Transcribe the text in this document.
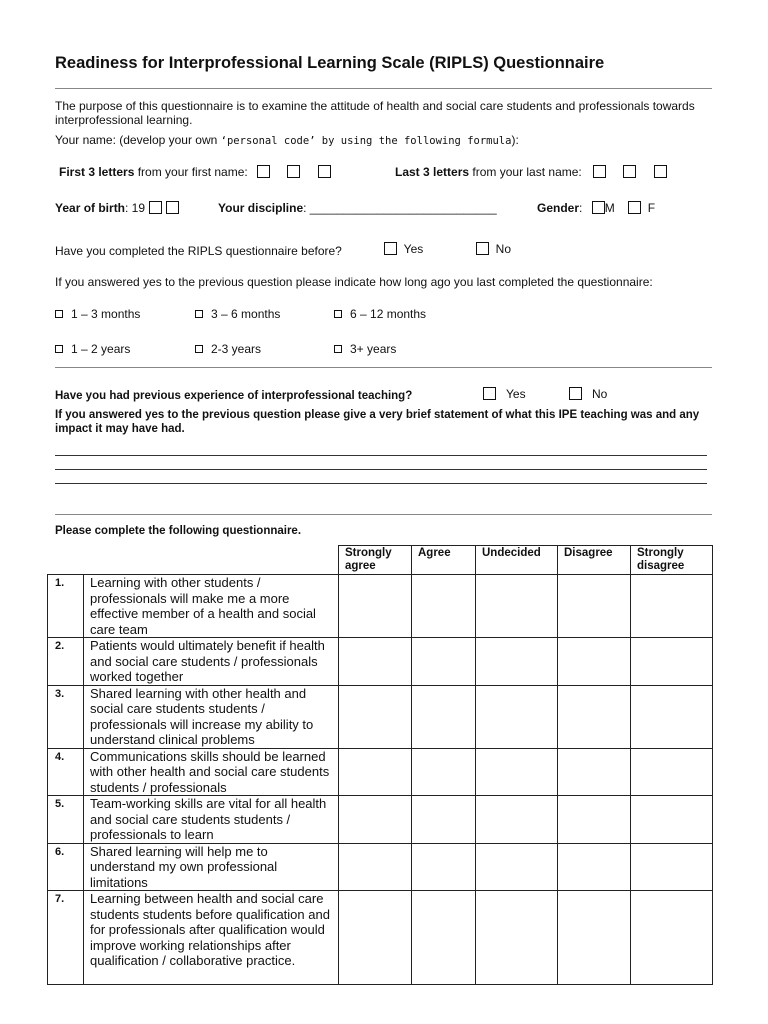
Readiness for Interprofessional Learning Scale (RIPLS) Questionnaire
The purpose of this questionnaire is to examine the attitude of health and social care students and professionals towards interprofessional learning.
Your name: (develop your own ‘personal code’ by using the following formula):
First 3 letters from your first name:	Last 3 letters from your last name:
Year of birth: 19	Your discipline: ____________________________	Gender: M	F
Have you completed the RIPLS questionnaire before?	Yes	No
If you answered yes to the previous question please indicate how long ago you last completed the questionnaire:
1 – 3 months	3 – 6 months	6 – 12 months
1 – 2 years	2-3 years	3+ years
Have you had previous experience of interprofessional teaching?	Yes	No
If you answered yes to the previous question please give a very brief statement of what this IPE teaching was and any impact it may have had.
Please complete the following questionnaire.
		Strongly agree	Agree	Undecided	Disagree	Strongly disagree
1.	Learning with other students / professionals will make me a more effective member of a health and social care team					
2.	Patients would ultimately benefit if health and social care students / professionals worked together					
3.	Shared learning with other health and social care students students / professionals will increase my ability to understand clinical problems					
4.	Communications skills should be learned with other health and social care students students / professionals					
5.	Team-working skills are vital for all health and social care students students / professionals to learn					
6.	Shared learning will help me to understand my own professional limitations					
7.	Learning between health and social care students students before qualification and for professionals after qualification would improve working relationships after qualification / collaborative practice.					
